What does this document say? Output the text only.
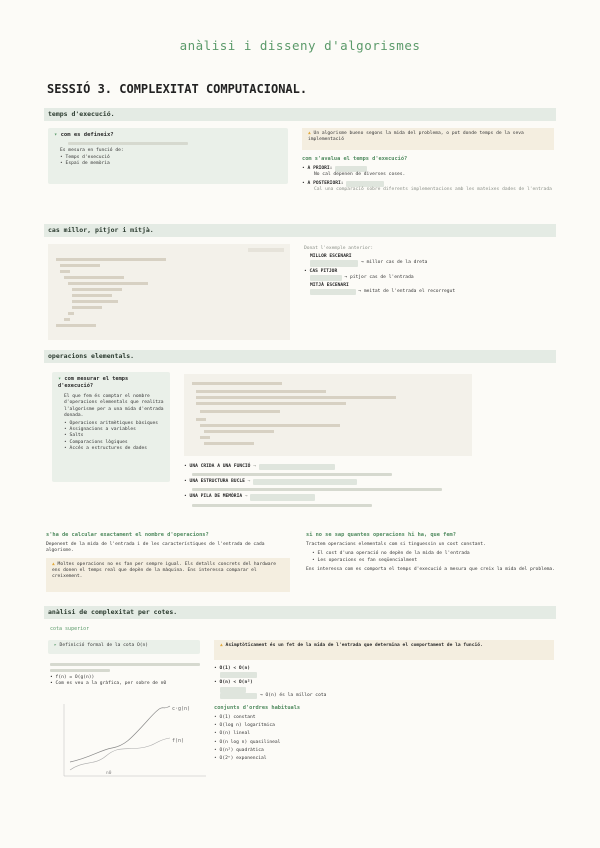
anàlisi i disseny d'algorismes
SESSIÓ 3. COMPLEXITAT COMPUTACIONAL.
temps d'execució.
▾ com es defineix?
Es mesura en funció de:
• Temps d'execució
• Espai de memòria
▲ Un algorisme bueno segons la mida del problema, o pot donde temps de la seva implementació
com s'avalua el temps d'execució?
• A PRIORI:
No cal depenen de diverses coses.
• A POSTERIORI:
Cal una comparació sobre diferents implementacions amb les mateixes dades de l'entrada
cas millor, pitjor i mitjà.
Donat l'exemple anterior:
MILLOR ESCENARI
→ millor cas de la dreta
• CAS PITJOR
→ pitjor cas de l'entrada
MITJÀ ESCENARI
→ meitat de l'entrada el recorregut
operacions elementals.
▾ com mesurar el temps d'execució?
El que fem és comptar el nombre d'operacions elementals que realitza l'algorisme per a una mida d'entrada donada.
• Operacions aritmètiques bàsiques
• Assignacions a variables
• Salts
• Comparacions lògiques
• Accés a estructures de dades
• UNA CRIDA A UNA FUNCIÓ →
• UNA ESTRUCTURA BUCLE →
• UNA PILA DE MEMÒRIA →
s'ha de calcular exactament el nombre d'operacions?
Depenent de la mida de l'entrada i de les característiques de l'entrada de cada algorisme.
▲ Moltes operacions no es fan per sempre igual. Els detalls concrets del hardware ens donen el temps real que depèn de la màquina. Ens interessa comparar el creixement.
si no se sap quantes operacions hi ha, que fem?
Tractem operacions elementals com si tinguessin un cost constant.
• El cost d'una operació no depèn de la mida de l'entrada
• Les operacions es fan seqüencialment
Ens interessa com es comporta el temps d'execució a mesura que creix la mida del problema.
anàlisi de complexitat per cotes.
cota superior
▸ Definició formal de la cota O(n)
• f(n) = O(g(n))
• Com es veu a la gràfica, per sobre de n0
c·g(n)
f(n)
n0
▲ Asimptòticament és un fet de la mida de l'entrada que determina el comportament de la funció.
• O(1) < O(n)

• O(n) < O(n²)

→ O(n) és la millor cota
conjunts d'ordres habituals
• O(1) constant
• O(log n) logarítmica
• O(n) lineal
• O(n log n) quasilineal
• O(n²) quadràtica
• O(2ⁿ) exponencial
